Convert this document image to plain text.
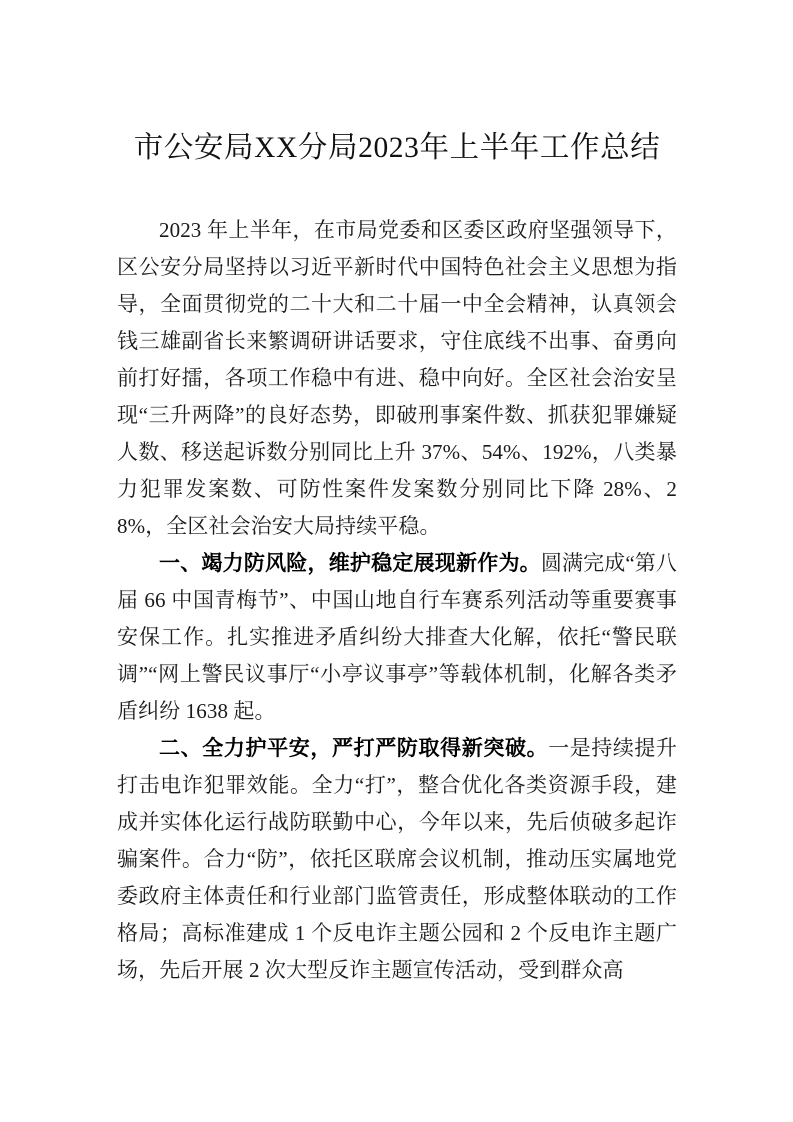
市公安局XX分局2023年上半年工作总结

2023 年上半年，在市局党委和区委区政府坚强领导下，区公安分局坚持以习近平新时代中国特色社会主义思想为指导，全面贯彻党的二十大和二十届一中全会精神，认真领会钱三雄副省长来繁调研讲话要求，守住底线不出事、奋勇向前打好擂，各项工作稳中有进、稳中向好。全区社会治安呈现“三升两降”的良好态势，即破刑事案件数、抓获犯罪嫌疑人数、移送起诉数分别同比上升 37%、54%、192%，八类暴力犯罪发案数、可防性案件发案数分别同比下降 28%、28%，全区社会治安大局持续平稳。

一、竭力防风险，维护稳定展现新作为。圆满完成“第八届 66 中国青梅节”、中国山地自行车赛系列活动等重要赛事安保工作。扎实推进矛盾纠纷大排查大化解，依托“警民联调”“网上警民议事厅“小亭议事亭”等载体机制，化解各类矛盾纠纷 1638 起。

二、全力护平安，严打严防取得新突破。一是持续提升打击电诈犯罪效能。全力“打”，整合优化各类资源手段，建成并实体化运行战防联勤中心，今年以来，先后侦破多起诈骗案件。合力“防”，依托区联席会议机制，推动压实属地党委政府主体责任和行业部门监管责任，形成整体联动的工作格局；高标准建成 1 个反电诈主题公园和 2 个反电诈主题广场，先后开展 2 次大型反诈主题宣传活动，受到群众高
